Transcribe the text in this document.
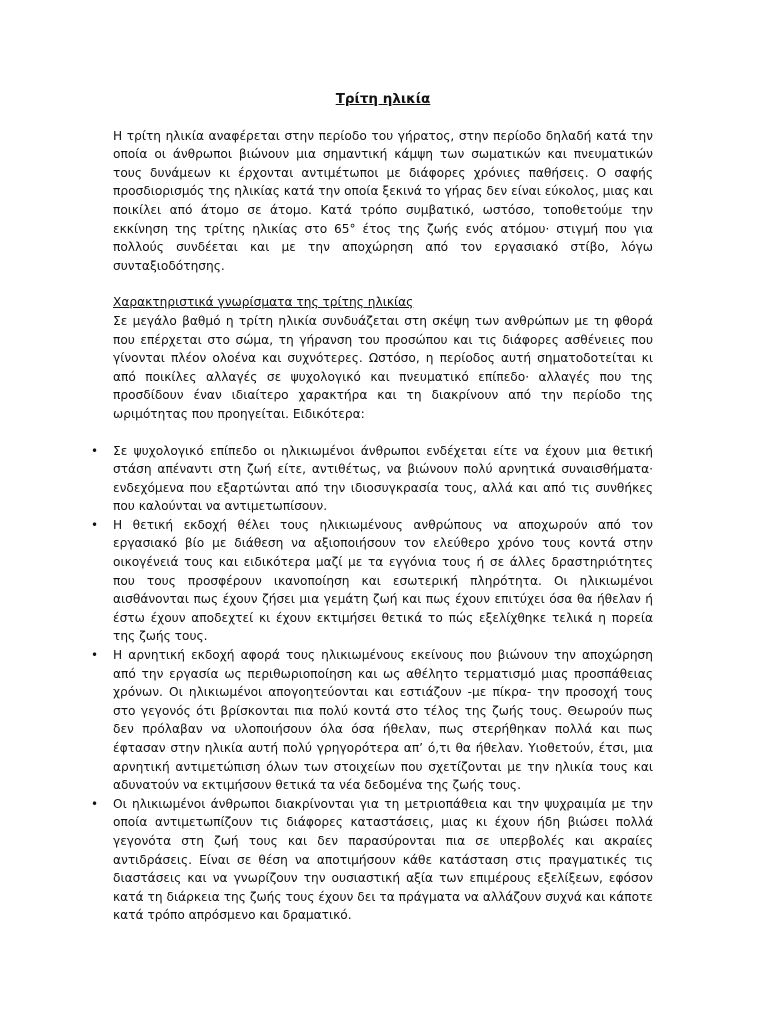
Τρίτη ηλικία

Η τρίτη ηλικία αναφέρεται στην περίοδο του γήρατος, στην περίοδο δηλαδή κατά την οποία οι άνθρωποι βιώνουν μια σημαντική κάμψη των σωματικών και πνευματικών τους δυνάμεων κι έρχονται αντιμέτωποι με διάφορες χρόνιες παθήσεις. Ο σαφής προσδιορισμός της ηλικίας κατά την οποία ξεκινά το γήρας δεν είναι εύκολος, μιας και ποικίλει από άτομο σε άτομο. Κατά τρόπο συμβατικό, ωστόσο, τοποθετούμε την εκκίνηση της τρίτης ηλικίας στο 65° έτος της ζωής ενός ατόμου· στιγμή που για πολλούς συνδέεται και με την αποχώρηση από τον εργασιακό στίβο, λόγω συνταξιοδότησης.

Χαρακτηριστικά γνωρίσματα της τρίτης ηλικίας

Σε μεγάλο βαθμό η τρίτη ηλικία συνδυάζεται στη σκέψη των ανθρώπων με τη φθορά που επέρχεται στο σώμα, τη γήρανση του προσώπου και τις διάφορες ασθένειες που γίνονται πλέον ολοένα και συχνότερες. Ωστόσο, η περίοδος αυτή σηματοδοτείται κι από ποικίλες αλλαγές σε ψυχολογικό και πνευματικό επίπεδο· αλλαγές που της προσδίδουν έναν ιδιαίτερο χαρακτήρα και τη διακρίνουν από την περίοδο της ωριμότητας που προηγείται. Ειδικότερα:

• Σε ψυχολογικό επίπεδο οι ηλικιωμένοι άνθρωποι ενδέχεται είτε να έχουν μια θετική στάση απέναντι στη ζωή είτε, αντιθέτως, να βιώνουν πολύ αρνητικά συναισθήματα· ενδεχόμενα που εξαρτώνται από την ιδιοσυγκρασία τους, αλλά και από τις συνθήκες που καλούνται να αντιμετωπίσουν.
• Η θετική εκδοχή θέλει τους ηλικιωμένους ανθρώπους να αποχωρούν από τον εργασιακό βίο με διάθεση να αξιοποιήσουν τον ελεύθερο χρόνο τους κοντά στην οικογένειά τους και ειδικότερα μαζί με τα εγγόνια τους ή σε άλλες δραστηριότητες που τους προσφέρουν ικανοποίηση και εσωτερική πληρότητα. Οι ηλικιωμένοι αισθάνονται πως έχουν ζήσει μια γεμάτη ζωή και πως έχουν επιτύχει όσα θα ήθελαν ή έστω έχουν αποδεχτεί κι έχουν εκτιμήσει θετικά το πώς εξελίχθηκε τελικά η πορεία της ζωής τους.
• Η αρνητική εκδοχή αφορά τους ηλικιωμένους εκείνους που βιώνουν την αποχώρηση από την εργασία ως περιθωριοποίηση και ως αθέλητο τερματισμό μιας προσπάθειας χρόνων. Οι ηλικιωμένοι απογοητεύονται και εστιάζουν -με πίκρα- την προσοχή τους στο γεγονός ότι βρίσκονται πια πολύ κοντά στο τέλος της ζωής τους. Θεωρούν πως δεν πρόλαβαν να υλοποιήσουν όλα όσα ήθελαν, πως στερήθηκαν πολλά και πως έφτασαν στην ηλικία αυτή πολύ γρηγορότερα απ’ ό,τι θα ήθελαν. Υιοθετούν, έτσι, μια αρνητική αντιμετώπιση όλων των στοιχείων που σχετίζονται με την ηλικία τους και αδυνατούν να εκτιμήσουν θετικά τα νέα δεδομένα της ζωής τους.
• Οι ηλικιωμένοι άνθρωποι διακρίνονται για τη μετριοπάθεια και την ψυχραιμία με την οποία αντιμετωπίζουν τις διάφορες καταστάσεις, μιας κι έχουν ήδη βιώσει πολλά γεγονότα στη ζωή τους και δεν παρασύρονται πια σε υπερβολές και ακραίες αντιδράσεις. Είναι σε θέση να αποτιμήσουν κάθε κατάσταση στις πραγματικές τις διαστάσεις και να γνωρίζουν την ουσιαστική αξία των επιμέρους εξελίξεων, εφόσον κατά τη διάρκεια της ζωής τους έχουν δει τα πράγματα να αλλάζουν συχνά και κάποτε κατά τρόπο απρόσμενο και δραματικό.
